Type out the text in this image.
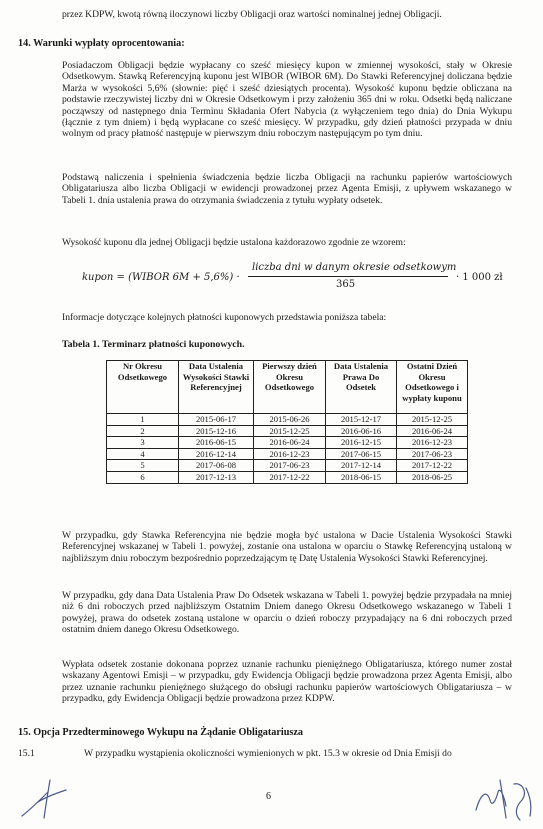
przez KDPW, kwotą równą iloczynowi liczby Obligacji oraz wartości nominalnej jednej Obligacji.

14. Warunki wypłaty oprocentowania:

Posiadaczom Obligacji będzie wypłacany co sześć miesięcy kupon w zmiennej wysokości, stały w Okresie Odsetkowym. Stawką Referencyjną kuponu jest WIBOR (WIBOR 6M). Do Stawki Referencyjnej doliczana będzie Marża w wysokości 5,6% (słownie: pięć i sześć dziesiątych procenta). Wysokość kuponu będzie obliczana na podstawie rzeczywistej liczby dni w Okresie Odsetkowym i przy założeniu 365 dni w roku. Odsetki będą naliczane począwszy od następnego dnia Terminu Składania Ofert Nabycia (z wyłączeniem tego dnia) do Dnia Wykupu (łącznie z tym dniem) i będą wypłacane co sześć miesięcy. W przypadku, gdy dzień płatności przypada w dniu wolnym od pracy płatność następuje w pierwszym dniu roboczym następującym po tym dniu.

Podstawą naliczenia i spełnienia świadczenia będzie liczba Obligacji na rachunku papierów wartościowych Obligatariusza albo liczba Obligacji w ewidencji prowadzonej przez Agenta Emisji, z upływem wskazanego w Tabeli 1. dnia ustalenia prawa do otrzymania świadczenia z tytułu wypłaty odsetek.

Wysokość kuponu dla jednej Obligacji będzie ustalona każdorazowo zgodnie ze wzorem:

kupon = (WIBOR 6M + 5,6%) ·
liczba dni w danym okresie odsetkowym
365
· 1 000 zł

Informacje dotyczące kolejnych płatności kuponowych przedstawia poniższa tabela:

Tabela 1. Terminarz płatności kuponowych.
Nr Okresu Odsetkowego	Data Ustalenia Wysokości Stawki Referencyjnej	Pierwszy dzień Okresu Odsetkowego	Data Ustalenia Prawa Do Odsetek	Ostatni Dzień Okresu Odsetkowego i wypłaty kuponu
1	2015-06-17	2015-06-26	2015-12-17	2015-12-25
2	2015-12-16	2015-12-25	2016-06-16	2016-06-24
3	2016-06-15	2016-06-24	2016-12-15	2016-12-23
4	2016-12-14	2016-12-23	2017-06-15	2017-06-23
5	2017-06-08	2017-06-23	2017-12-14	2017-12-22
6	2017-12-13	2017-12-22	2018-06-15	2018-06-25

W przypadku, gdy Stawka Referencyjna nie będzie mogła być ustalona w Dacie Ustalenia Wysokości Stawki Referencyjnej wskazanej w Tabeli 1. powyżej, zostanie ona ustalona w oparciu o Stawkę Referencyjną ustaloną w najbliższym dniu roboczym bezpośrednio poprzedzającym tę Datę Ustalenia Wysokości Stawki Referencyjnej.

W przypadku, gdy dana Data Ustalenia Praw Do Odsetek wskazana w Tabeli 1. powyżej będzie przypadała na mniej niż 6 dni roboczych przed najbliższym Ostatnim Dniem danego Okresu Odsetkowego wskazanego w Tabeli 1 powyżej, prawa do odsetek zostaną ustalone w oparciu o dzień roboczy przypadający na 6 dni roboczych przed ostatnim dniem danego Okresu Odsetkowego.

Wypłata odsetek zostanie dokonana poprzez uznanie rachunku pieniężnego Obligatariusza, którego numer został wskazany Agentowi Emisji – w przypadku, gdy Ewidencja Obligacji będzie prowadzona przez Agenta Emisji, albo przez uznanie rachunku pieniężnego służącego do obsługi rachunku papierów wartościowych Obligatariusza – w przypadku, gdy Ewidencja Obligacji będzie prowadzona przez KDPW.

15. Opcja Przedterminowego Wykupu na Żądanie Obligatariusza

15.1	W przypadku wystąpienia okoliczności wymienionych w pkt. 15.3 w okresie od Dnia Emisji do

6
